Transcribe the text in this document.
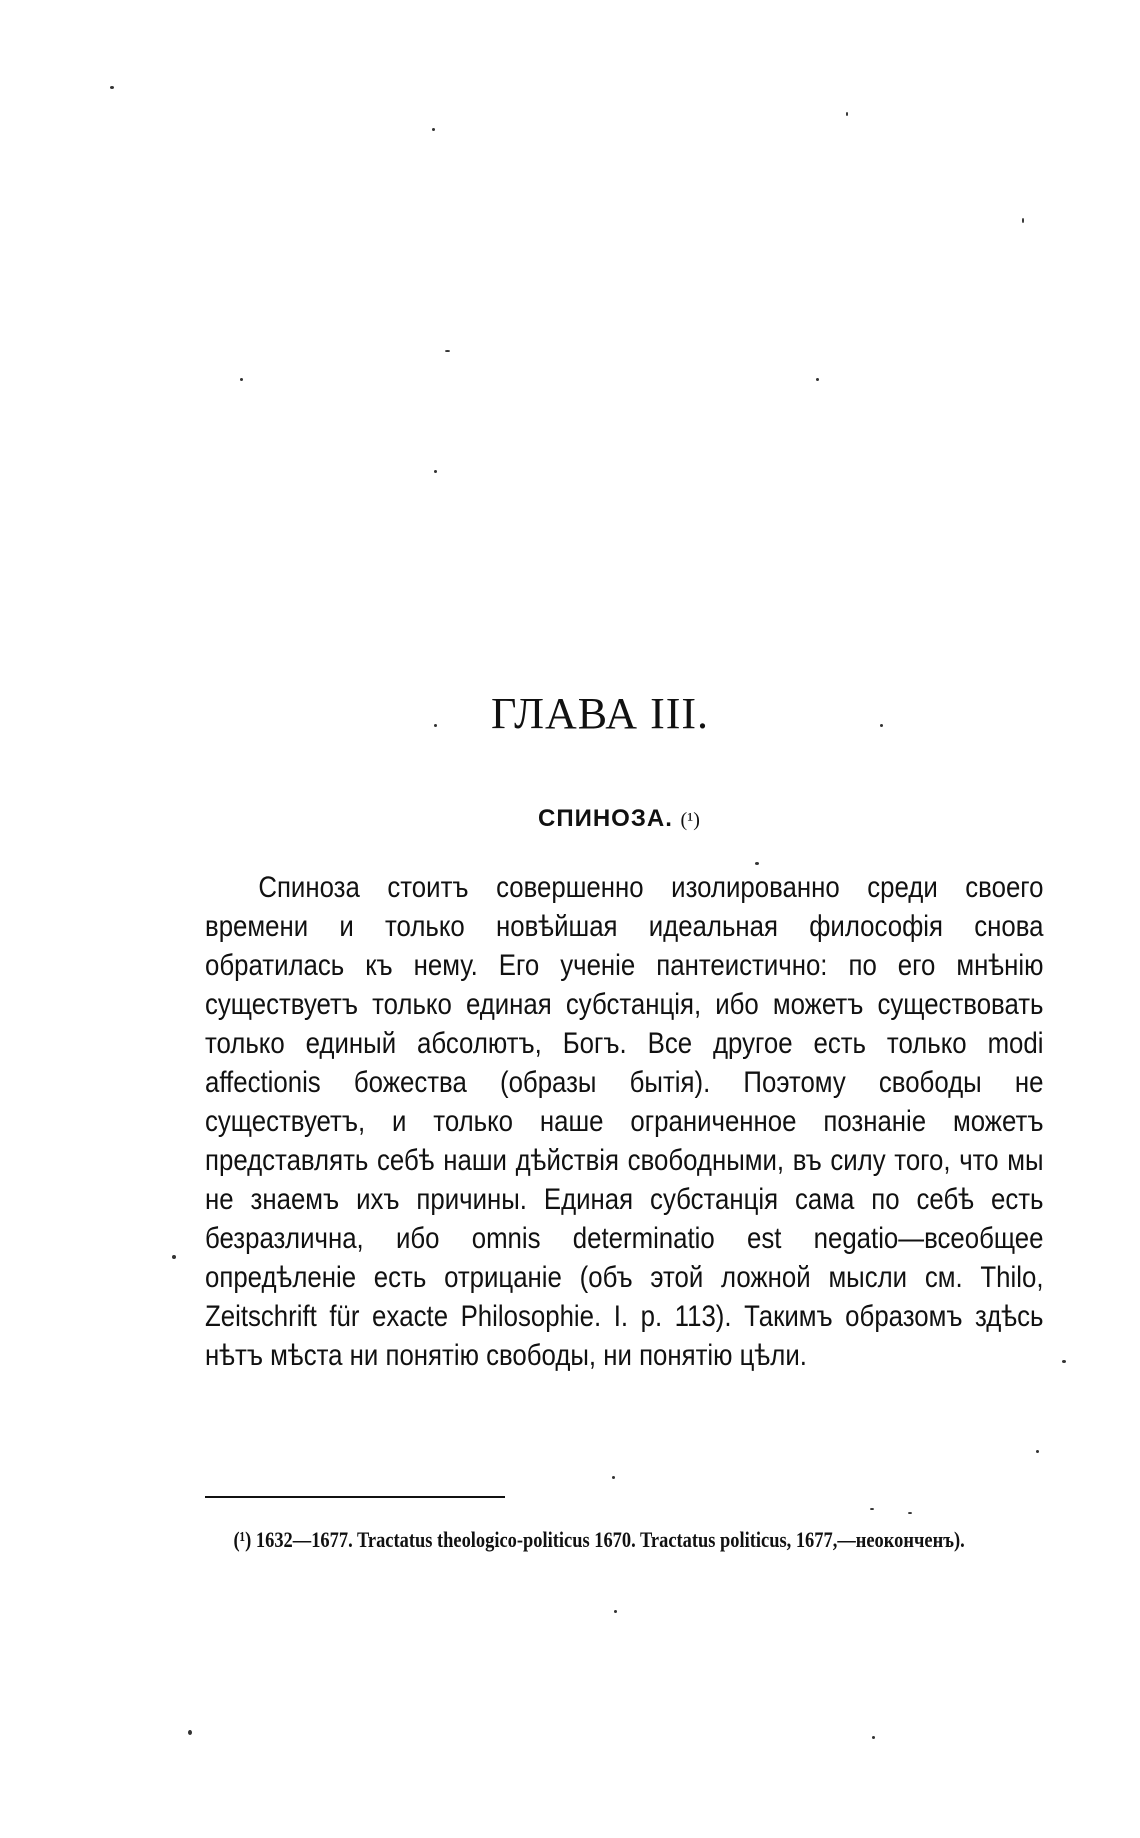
ГЛАВА III.
СПИНОЗА. (¹)

Спиноза стоитъ совершенно изолированно среди своего времени и только новѣйшая идеальная философія снова обратилась къ нему. Его ученіе пантеистично: по его мнѣнію существуетъ только единая субстанція, ибо можетъ существовать только единый абсолютъ, Богъ. Все другое есть только modi affectionis божества (образы бытія). Поэтому свободы не существуетъ, и только наше ограниченное познаніе можетъ представлять себѣ наши дѣйствія свободными, въ силу того, что мы не знаемъ ихъ причины. Единая субстанція сама по себѣ есть безразлична, ибо omnis determinatio est negatio—всеобщее опредѣленіе есть отрицаніе (объ этой ложной мысли см. Thilo, Zeitschrift für exacte Philosophie. I. p. 113). Такимъ образомъ здѣсь нѣтъ мѣста ни понятію свободы, ни понятію цѣли.

(¹) 1632—1677. Tractatus theologico-politicus 1670. Tractatus politicus, 1677,—неоконченъ).
